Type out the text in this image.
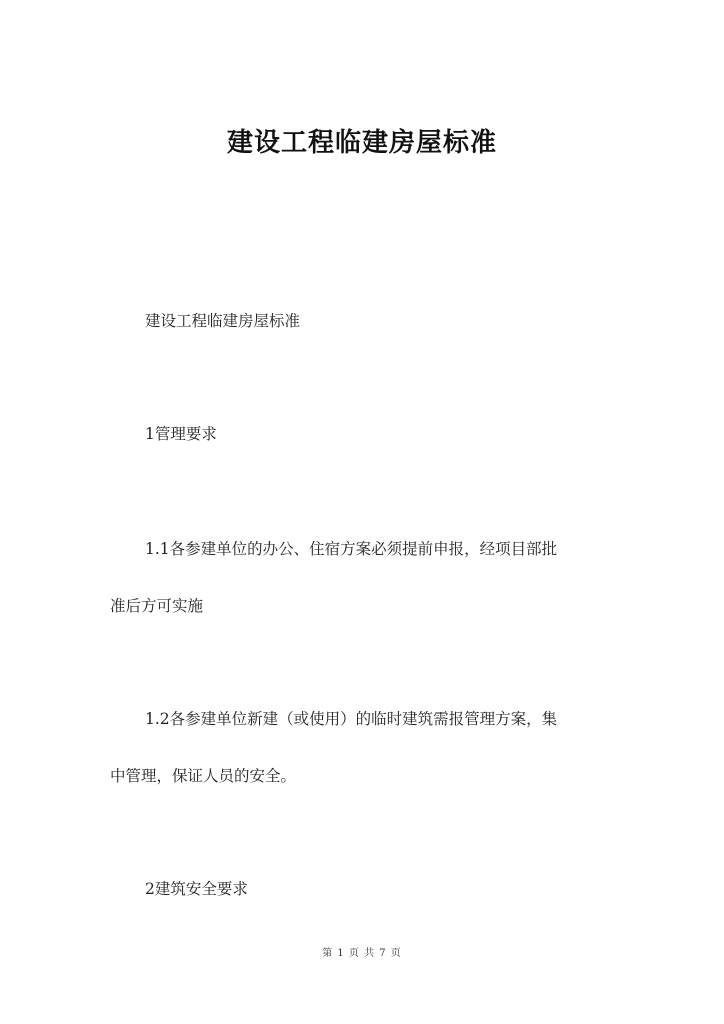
建设工程临建房屋标准
建设工程临建房屋标准
1管理要求
1.1各参建单位的办公、住宿方案必须提前申报，经项目部批
准后方可实施
1.2各参建单位新建（或使用）的临时建筑需报管理方案，集
中管理，保证人员的安全。
2建筑安全要求
第 1 页 共 7 页
